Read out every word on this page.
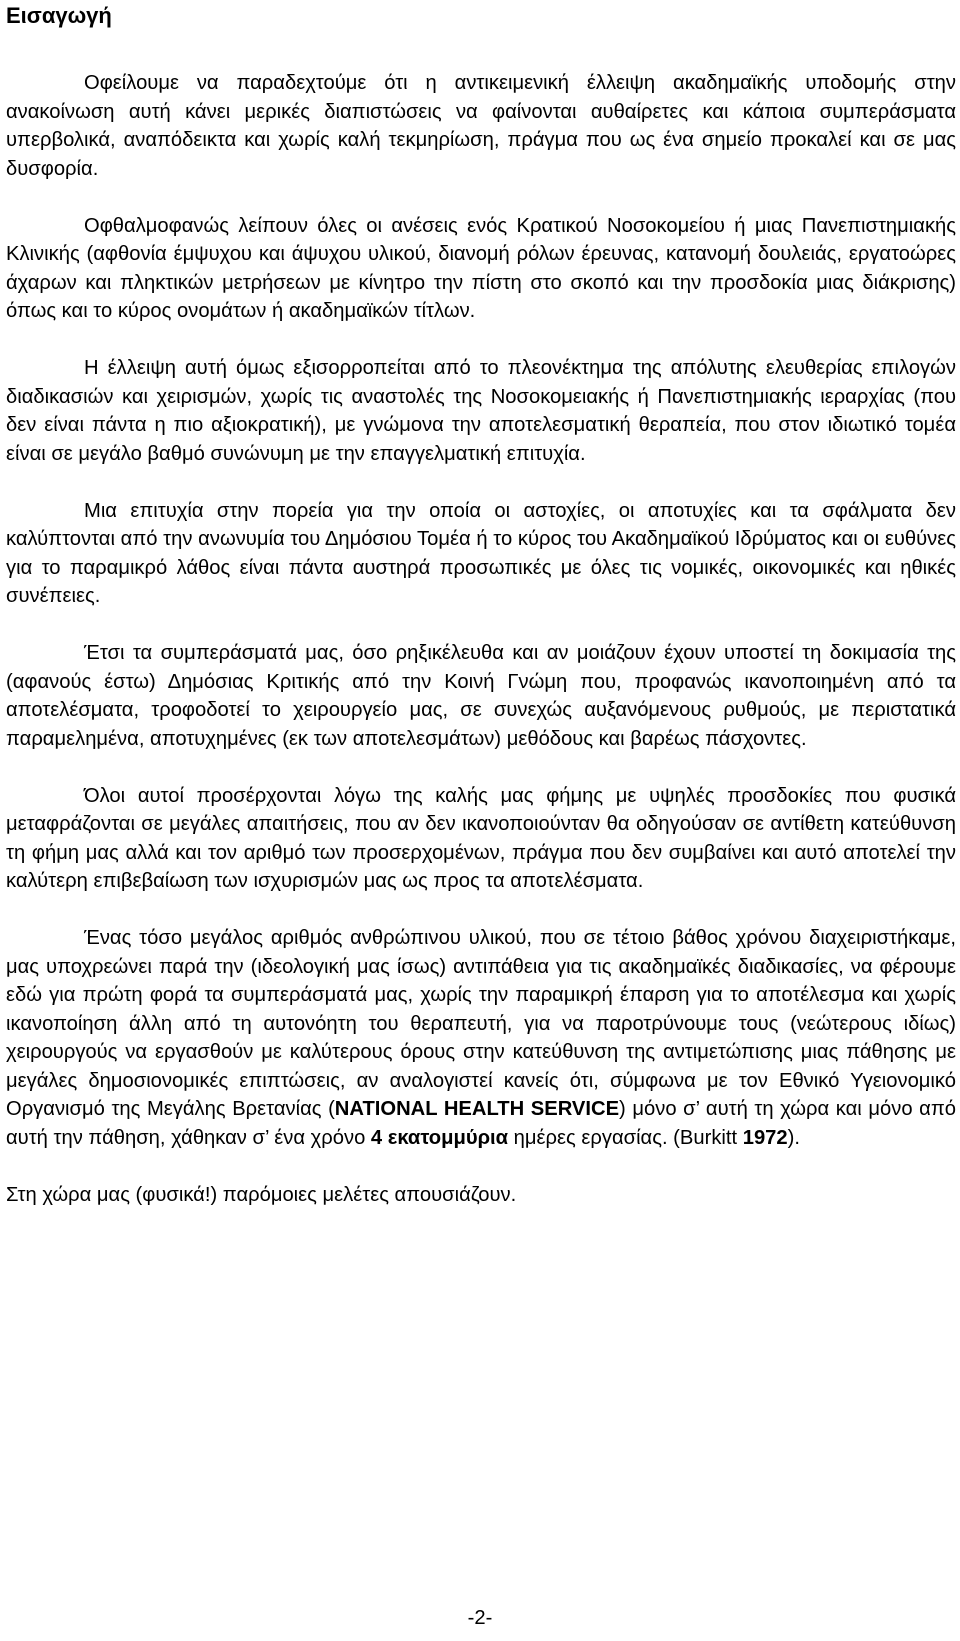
Εισαγωγή

Οφείλουμε να παραδεχτούμε ότι η αντικειμενική έλλειψη ακαδημαϊκής υποδομής στην ανακοίνωση αυτή κάνει μερικές διαπιστώσεις να φαίνονται αυθαίρετες και κάποια συμπεράσματα υπερβολικά, αναπόδεικτα και χωρίς καλή τεκμηρίωση, πράγμα που ως ένα σημείο προκαλεί και σε μας δυσφορία.

Οφθαλμοφανώς λείπουν όλες οι ανέσεις ενός Κρατικού Νοσοκομείου ή μιας Πανεπιστημιακής Κλινικής (αφθονία έμψυχου και άψυχου υλικού, διανομή ρόλων έρευνας, κατανομή δουλειάς, εργατοώρες άχαρων και πληκτικών μετρήσεων με κίνητρο την πίστη στο σκοπό και την προσδοκία μιας διάκρισης) όπως και το κύρος ονομάτων ή ακαδημαϊκών τίτλων.

Η έλλειψη αυτή όμως εξισορροπείται από το πλεονέκτημα της απόλυτης ελευθερίας επιλογών διαδικασιών και χειρισμών, χωρίς τις αναστολές της Νοσοκομειακής ή Πανεπιστημιακής ιεραρχίας (που δεν είναι πάντα η πιο αξιοκρατική), με γνώμονα την αποτελεσματική θεραπεία, που στον ιδιωτικό τομέα είναι σε μεγάλο βαθμό συνώνυμη με την επαγγελματική επιτυχία.

Μια επιτυχία στην πορεία για την οποία οι αστοχίες, οι αποτυχίες και τα σφάλματα δεν καλύπτονται από την ανωνυμία του Δημόσιου Τομέα ή το κύρος του Ακαδημαϊκού Ιδρύματος και οι ευθύνες για το παραμικρό λάθος είναι πάντα αυστηρά προσωπικές με όλες τις νομικές, οικονομικές και ηθικές συνέπειες.

Έτσι τα συμπεράσματά μας, όσο ρηξικέλευθα και αν μοιάζουν έχουν υποστεί τη δοκιμασία της (αφανούς έστω) Δημόσιας Κριτικής από την Κοινή Γνώμη που, προφανώς ικανοποιημένη από τα αποτελέσματα, τροφοδοτεί το χειρουργείο μας, σε συνεχώς αυξανόμενους ρυθμούς, με περιστατικά παραμελημένα, αποτυχημένες (εκ των αποτελεσμάτων) μεθόδους και βαρέως πάσχοντες.

Όλοι αυτοί προσέρχονται λόγω της καλής μας φήμης με υψηλές προσδοκίες που φυσικά μεταφράζονται σε μεγάλες απαιτήσεις, που αν δεν ικανοποιούνταν θα οδηγούσαν σε αντίθετη κατεύθυνση τη φήμη μας αλλά και τον αριθμό των προσερχομένων, πράγμα που δεν συμβαίνει και αυτό αποτελεί την καλύτερη επιβεβαίωση των ισχυρισμών μας ως προς τα αποτελέσματα.

Ένας τόσο μεγάλος αριθμός ανθρώπινου υλικού, που σε τέτοιο βάθος χρόνου διαχειριστήκαμε, μας υποχρεώνει παρά την (ιδεολογική μας ίσως) αντιπάθεια για τις ακαδημαϊκές διαδικασίες, να φέρουμε εδώ για πρώτη φορά τα συμπεράσματά μας, χωρίς την παραμικρή έπαρση για το αποτέλεσμα και χωρίς ικανοποίηση άλλη από τη αυτονόητη του θεραπευτή, για να παροτρύνουμε τους (νεώτερους ιδίως) χειρουργούς να εργασθούν με καλύτερους όρους στην κατεύθυνση της αντιμετώπισης μιας πάθησης με μεγάλες δημοσιονομικές επιπτώσεις, αν αναλογιστεί κανείς ότι, σύμφωνα με τον Εθνικό Υγειονομικό Οργανισμό της Μεγάλης Βρετανίας (NATIONAL HEALTH SERVICE) μόνο σ’ αυτή τη χώρα και μόνο από αυτή την πάθηση, χάθηκαν σ’ ένα χρόνο 4 εκατομμύρια ημέρες εργασίας. (Burkitt 1972).

Στη χώρα μας (φυσικά!) παρόμοιες μελέτες απουσιάζουν.

-2-
